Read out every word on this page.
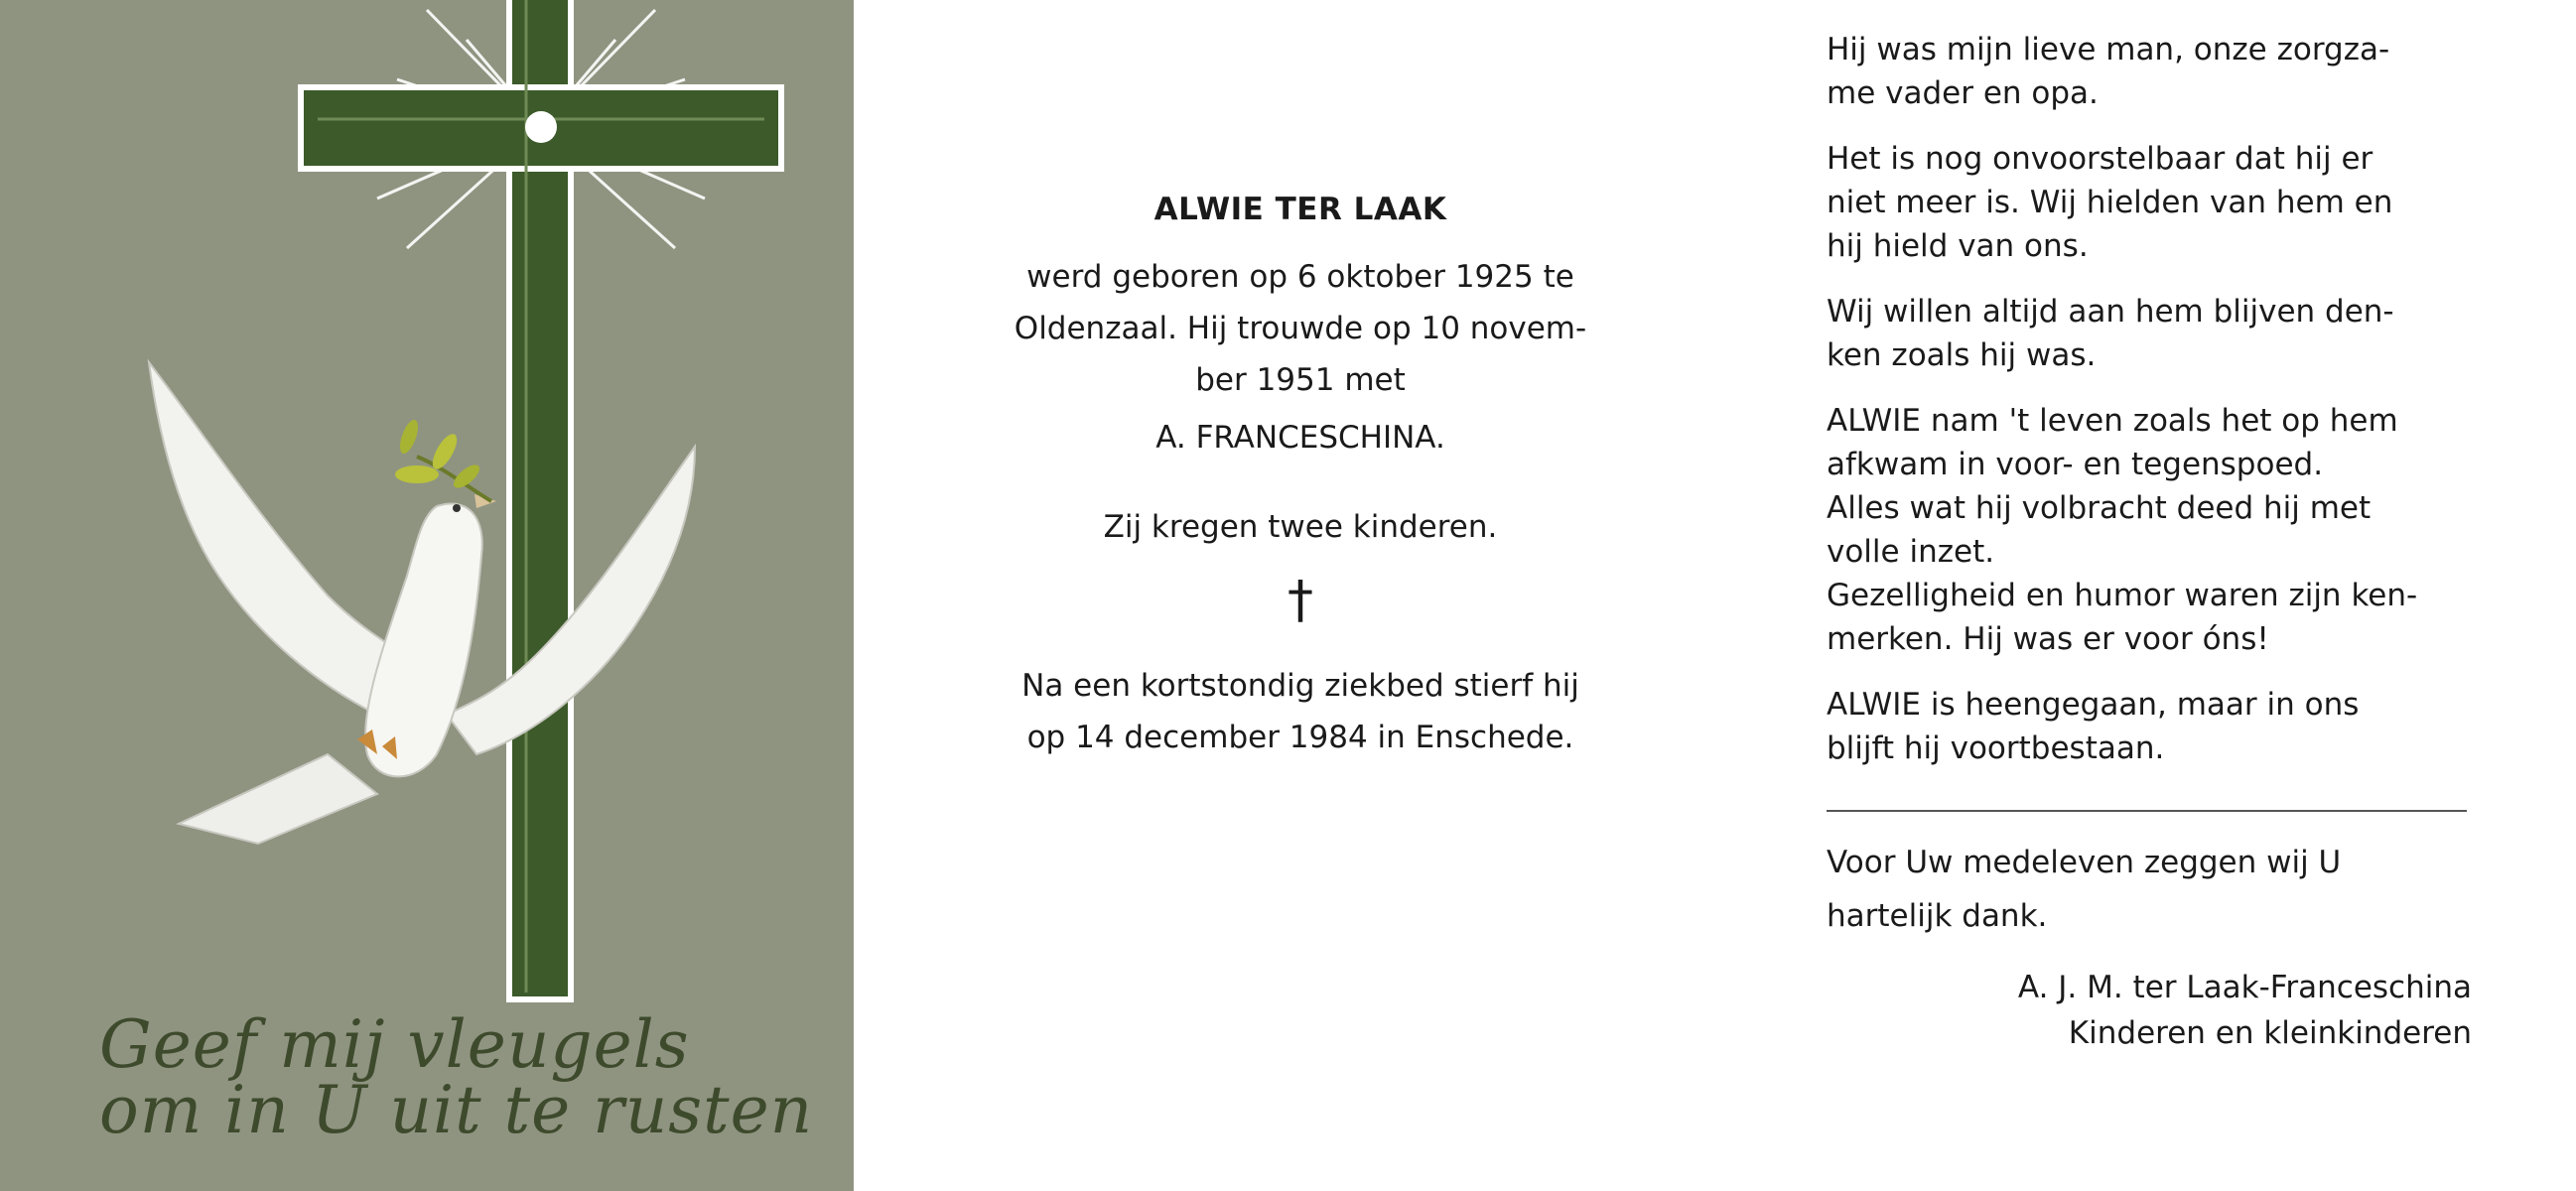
Geef mij vleugels
om in U uit te rusten

ALWIE TER LAAK

werd geboren op 6 oktober 1925 te

Oldenzaal. Hij trouwde op 10 novem-

ber 1951 met

A. FRANCESCHINA.

Zij kregen twee kinderen.

†

Na een kortstondig ziekbed stierf hij

op 14 december 1984 in Enschede.

Hij was mijn lieve man, onze zorgza-
me vader en opa.

Het is nog onvoorstelbaar dat hij er
niet meer is. Wij hielden van hem en
hij hield van ons.

Wij willen altijd aan hem blijven den-
ken zoals hij was.

ALWIE nam 't leven zoals het op hem
afkwam in voor- en tegenspoed.
Alles wat hij volbracht deed hij met
volle inzet.
Gezelligheid en humor waren zijn ken-
merken. Hij was er voor óns!

ALWIE is heengegaan, maar in ons
blijft hij voortbestaan.

Voor Uw medeleven zeggen wij U
hartelijk dank.

A. J. M. ter Laak-Franceschina
Kinderen en kleinkinderen
